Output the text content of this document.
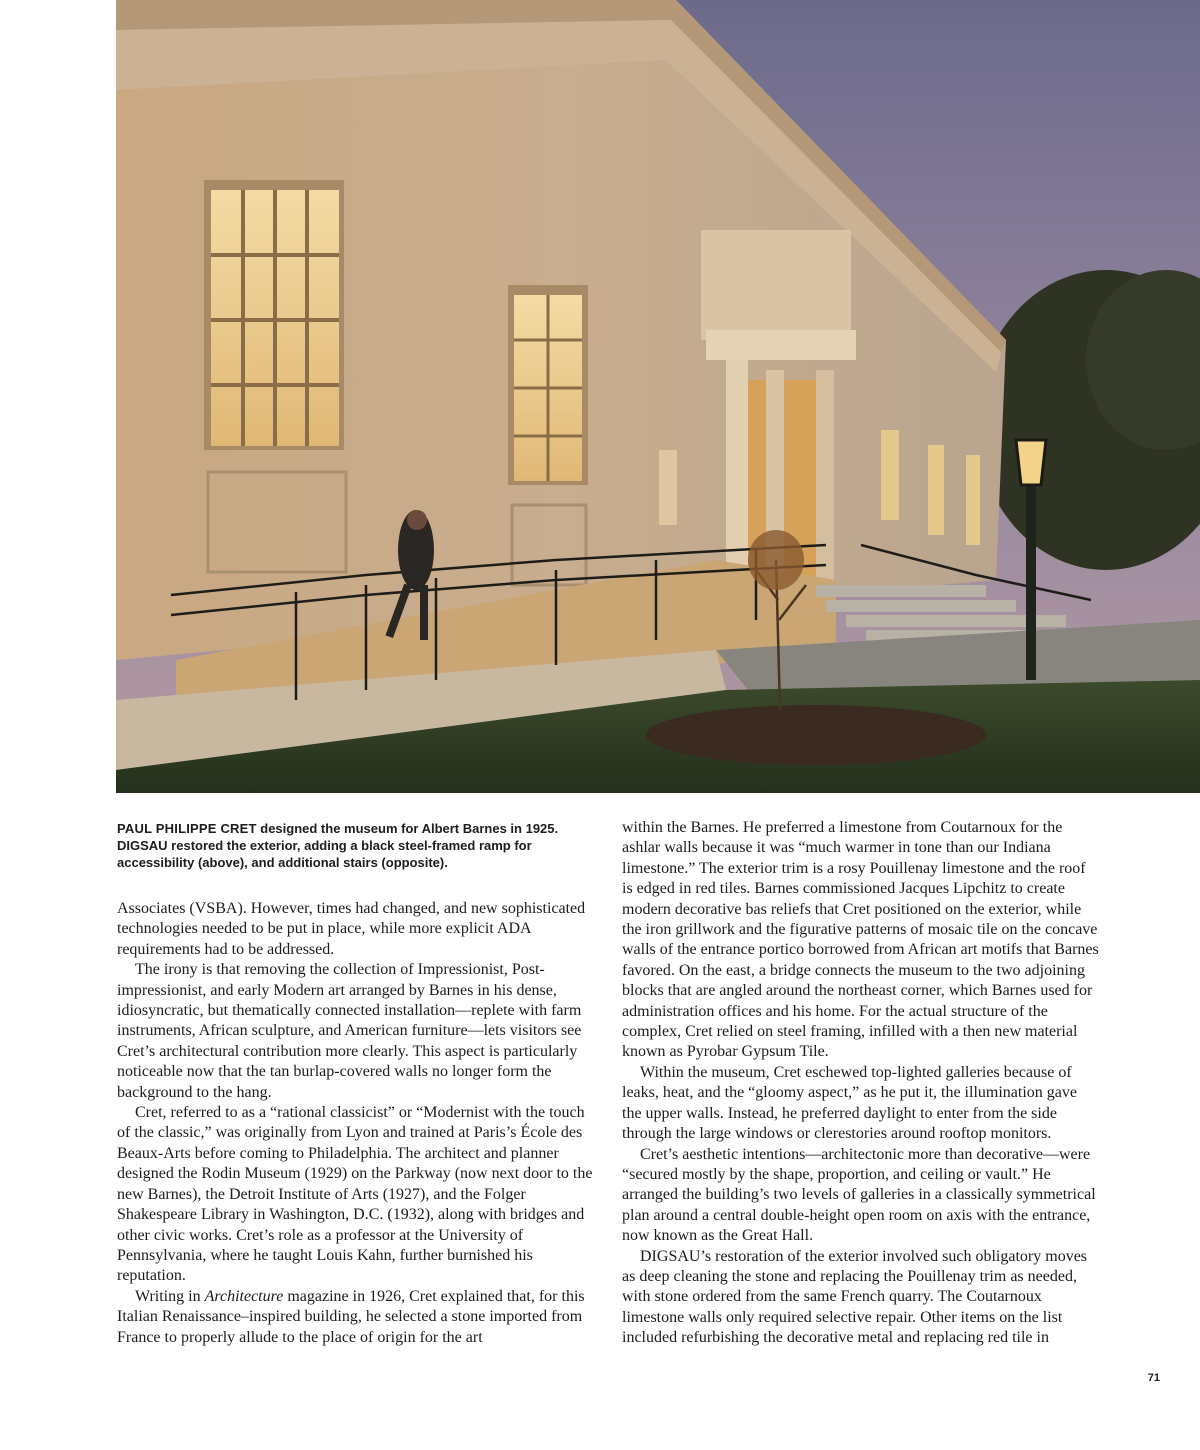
PAUL PHILIPPE CRET designed the museum for Albert Barnes in 1925. DIGSAU restored the exterior, adding a black steel-framed ramp for accessibility (above), and additional stairs (opposite).

Associates (VSBA). However, times had changed, and new sophisticated technologies needed to be put in place, while more explicit ADA requirements had to be addressed.

The irony is that removing the collection of Impressionist, Post-impressionist, and early Modern art arranged by Barnes in his dense, idiosyncratic, but thematically connected installation—replete with farm instruments, African sculpture, and American furniture—lets visitors see Cret’s architectural contribution more clearly. This aspect is particularly noticeable now that the tan burlap-covered walls no longer form the background to the hang.

Cret, referred to as a “rational classicist” or “Modernist with the touch of the classic,” was originally from Lyon and trained at Paris’s École des Beaux-Arts before coming to Philadelphia. The architect and planner designed the Rodin Museum (1929) on the Parkway (now next door to the new Barnes), the Detroit Institute of Arts (1927), and the Folger Shakespeare Library in Washington, D.C. (1932), along with bridges and other civic works. Cret’s role as a professor at the University of Pennsylvania, where he taught Louis Kahn, further burnished his reputation.

Writing in Architecture magazine in 1926, Cret explained that, for this Italian Renaissance–inspired building, he selected a stone imported from France to properly allude to the place of origin for the art

within the Barnes. He preferred a limestone from Coutarnoux for the ashlar walls because it was “much warmer in tone than our Indiana limestone.” The exterior trim is a rosy Pouillenay limestone and the roof is edged in red tiles. Barnes commissioned Jacques Lipchitz to create modern decorative bas reliefs that Cret positioned on the exterior, while the iron grillwork and the figurative patterns of mosaic tile on the concave walls of the entrance portico borrowed from African art motifs that Barnes favored. On the east, a bridge connects the museum to the two adjoining blocks that are angled around the northeast corner, which Barnes used for administration offices and his home. For the actual structure of the complex, Cret relied on steel framing, infilled with a then new material known as Pyrobar Gypsum Tile.

Within the museum, Cret eschewed top-lighted galleries because of leaks, heat, and the “gloomy aspect,” as he put it, the illumination gave the upper walls. Instead, he preferred daylight to enter from the side through the large windows or clerestories around rooftop monitors.

Cret’s aesthetic intentions—architectonic more than decorative—were “secured mostly by the shape, proportion, and ceiling or vault.” He arranged the building’s two levels of galleries in a classically symmetrical plan around a central double-height open room on axis with the entrance, now known as the Great Hall.

DIGSAU’s restoration of the exterior involved such obligatory moves as deep cleaning the stone and replacing the Pouillenay trim as needed, with stone ordered from the same French quarry. The Coutarnoux limestone walls only required selective repair. Other items on the list included refurbishing the decorative metal and replacing red tile in

71
